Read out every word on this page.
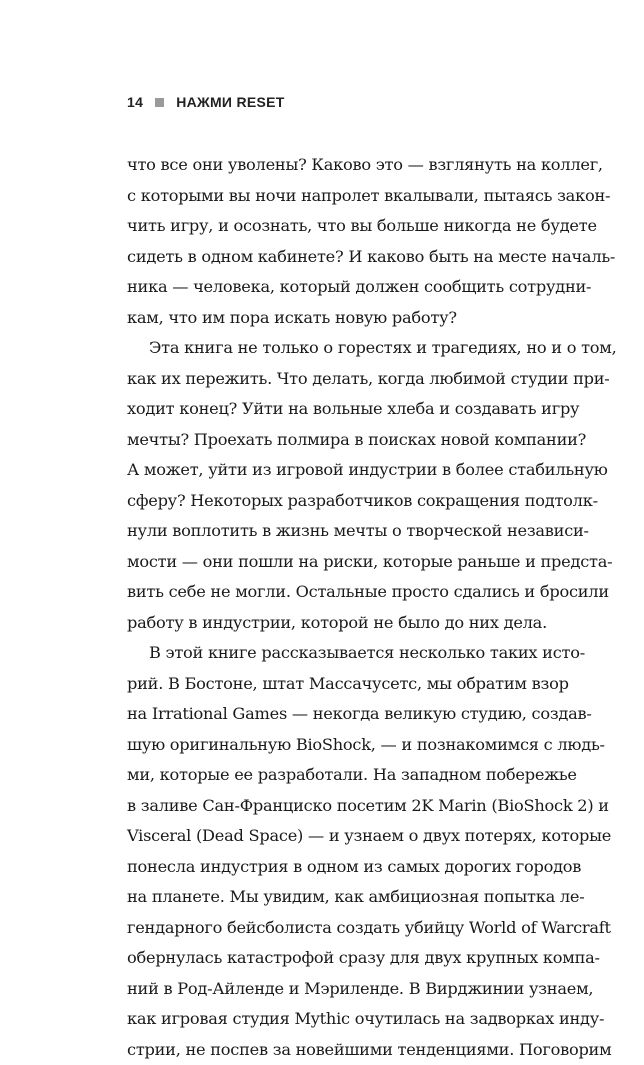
14 НАЖМИ RESET
что все они уволены? Каково это — взглянуть на коллег,
с которыми вы ночи напролет вкалывали, пытаясь закон-
чить игру, и осознать, что вы больше никогда не будете
сидеть в одном кабинете? И каково быть на месте началь-
ника — человека, который должен сообщить сотрудни-
кам, что им пора искать новую работу?
Эта книга не только о горестях и трагедиях, но и о том,
как их пережить. Что делать, когда любимой студии при-
ходит конец? Уйти на вольные хлеба и создавать игру
мечты? Проехать полмира в поисках новой компании?
А может, уйти из игровой индустрии в более стабильную
сферу? Некоторых разработчиков сокращения подтолк-
нули воплотить в жизнь мечты о творческой независи-
мости — они пошли на риски, которые раньше и предста-
вить себе не могли. Остальные просто сдались и бросили
работу в индустрии, которой не было до них дела.
В этой книге рассказывается несколько таких исто-
рий. В Бостоне, штат Массачусетс, мы обратим взор
на Irrational Games — некогда великую студию, создав-
шую оригинальную BioShock, — и познакомимся с людь-
ми, которые ее разработали. На западном побережье
в заливе Сан-Франциско посетим 2K Marin (BioShock 2) и
Visceral (Dead Space) — и узнаем о двух потерях, которые
понесла индустрия в одном из самых дорогих городов
на планете. Мы увидим, как амбициозная попытка ле-
гендарного бейсболиста создать убийцу World of Warcraft
обернулась катастрофой сразу для двух крупных компа-
ний в Род-Айленде и Мэриленде. В Вирджинии узнаем,
как игровая студия Mythic очутилась на задворках инду-
стрии, не поспев за новейшими тенденциями. Поговорим
